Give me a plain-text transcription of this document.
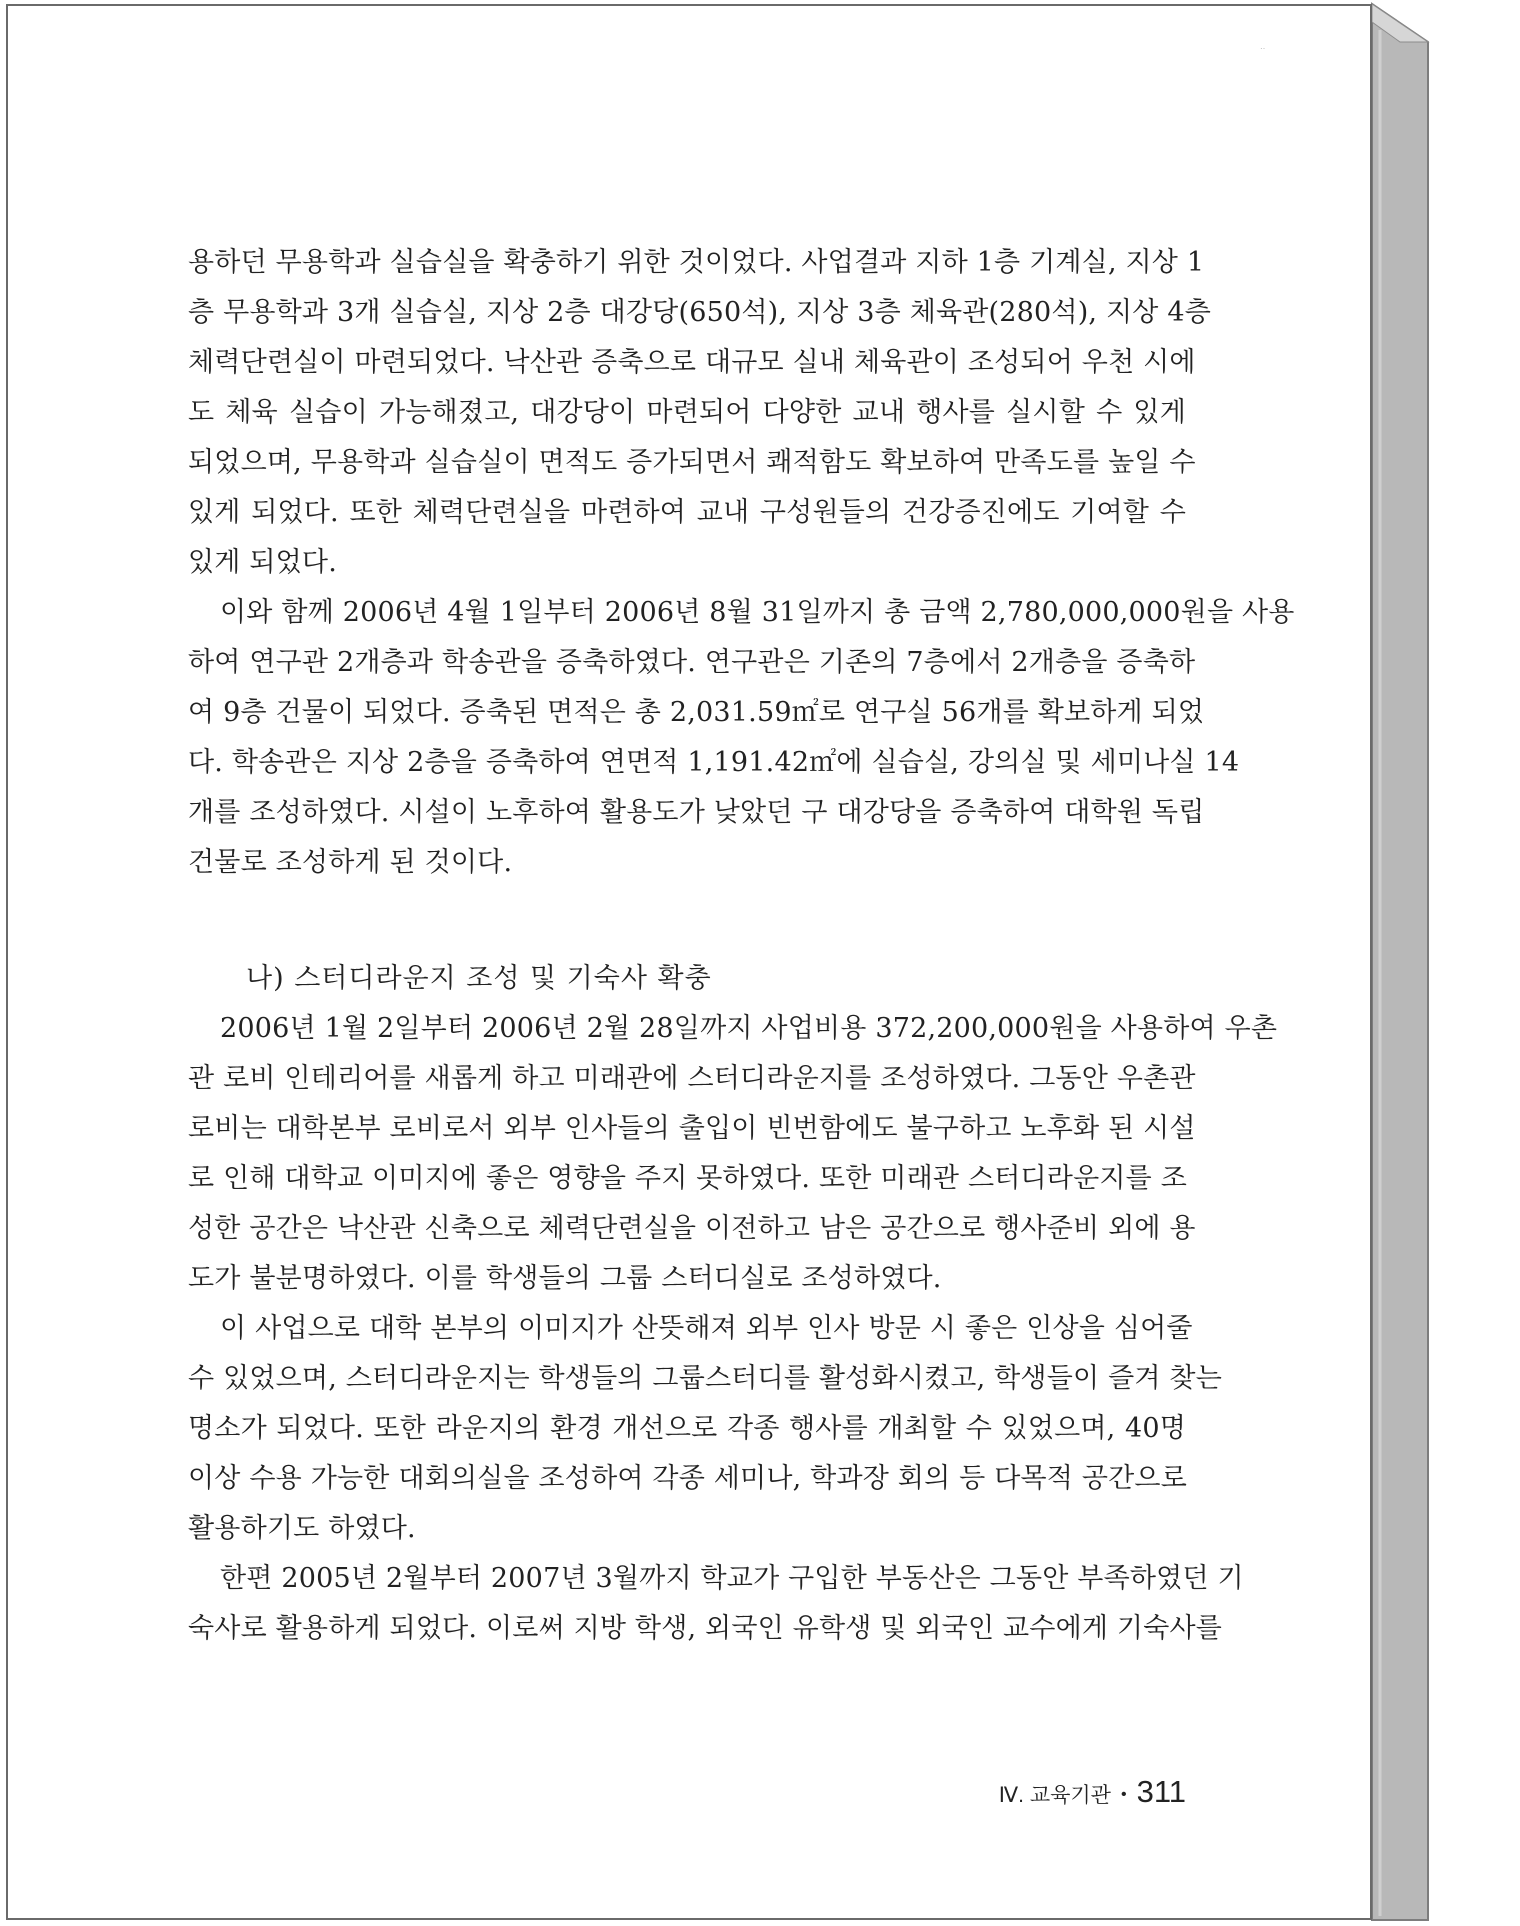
‥
용하던 무용학과 실습실을 확충하기 위한 것이었다. 사업결과 지하 1층 기계실, 지상 1
층 무용학과 3개 실습실, 지상 2층 대강당(650석), 지상 3층 체육관(280석), 지상 4층
체력단련실이 마련되었다. 낙산관 증축으로 대규모 실내 체육관이 조성되어 우천 시에
도 체육 실습이 가능해졌고, 대강당이 마련되어 다양한 교내 행사를 실시할 수 있게
되었으며, 무용학과 실습실이 면적도 증가되면서 쾌적함도 확보하여 만족도를 높일 수
있게 되었다. 또한 체력단련실을 마련하여 교내 구성원들의 건강증진에도 기여할 수
있게 되었다.
이와 함께 2006년 4월 1일부터 2006년 8월 31일까지 총 금액 2,780,000,000원을 사용
하여 연구관 2개층과 학송관을 증축하였다. 연구관은 기존의 7층에서 2개층을 증축하
여 9층 건물이 되었다. 증축된 면적은 총 2,031.59㎡로 연구실 56개를 확보하게 되었
다. 학송관은 지상 2층을 증축하여 연면적 1,191.42㎡에 실습실, 강의실 및 세미나실 14
개를 조성하였다. 시설이 노후하여 활용도가 낮았던 구 대강당을 증축하여 대학원 독립
건물로 조성하게 된 것이다.
나) 스터디라운지 조성 및 기숙사 확충
2006년 1월 2일부터 2006년 2월 28일까지 사업비용 372,200,000원을 사용하여 우촌
관 로비 인테리어를 새롭게 하고 미래관에 스터디라운지를 조성하였다. 그동안 우촌관
로비는 대학본부 로비로서 외부 인사들의 출입이 빈번함에도 불구하고 노후화 된 시설
로 인해 대학교 이미지에 좋은 영향을 주지 못하였다. 또한 미래관 스터디라운지를 조
성한 공간은 낙산관 신축으로 체력단련실을 이전하고 남은 공간으로 행사준비 외에 용
도가 불분명하였다. 이를 학생들의 그룹 스터디실로 조성하였다.
이 사업으로 대학 본부의 이미지가 산뜻해져 외부 인사 방문 시 좋은 인상을 심어줄
수 있었으며, 스터디라운지는 학생들의 그룹스터디를 활성화시켰고, 학생들이 즐겨 찾는
명소가 되었다. 또한 라운지의 환경 개선으로 각종 행사를 개최할 수 있었으며, 40명
이상 수용 가능한 대회의실을 조성하여 각종 세미나, 학과장 회의 등 다목적 공간으로
활용하기도 하였다.
한편 2005년 2월부터 2007년 3월까지 학교가 구입한 부동산은 그동안 부족하였던 기
숙사로 활용하게 되었다. 이로써 지방 학생, 외국인 유학생 및 외국인 교수에게 기숙사를
Ⅳ. 교육기관 • 311
